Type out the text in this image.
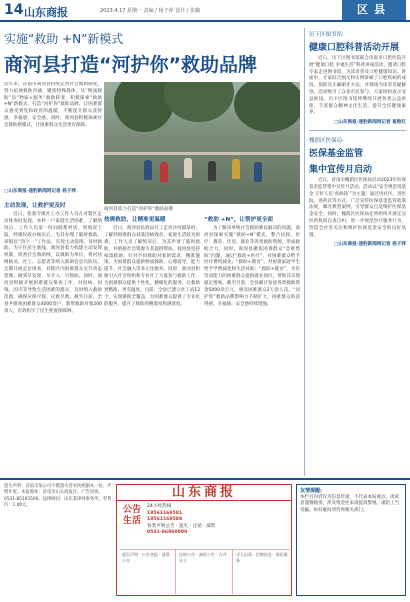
14 山东商报	2023.4.17 星期一 责编 / 杨子萍 设计 / 张璐	区县
实施“救助 +N”新模式
商河县打造“河护你”救助品牌
近年来，济南市商河县持续完善社会救助制度，努力拓展救助内涵，聚焦特殊群体，从“物质救助”向“物质+服务”救助转变，积极探索“救助+N”新模式，打造“河护你”救助品牌，让困难群众感受到党和政府的温暖，不断提升群众获得感、幸福感、安全感。同时，商河县积极探索社会救助新模式，让困难群众生活更有保障。
□山东商报·速豹新闻网记者 杨子萍
商河县第力打造“河护你”救助品牌
主动发现，让救护更及时

近日，张秦令镇社工办工作人员在对辖区走访排查时发现，本村一户家庭生活困难，了解情况后，工作人员第一时间联系村居，将情况上报，经镇民政办核实后，为其办理了临时救助。该镇以“四个一”工作法，实现主动发现、及时救助。为守住民生底线，商河县着力构建主动发现机制，织密社会救助网，以镇街为单位，将村居网格员、社工、志愿者等纳入救助信息员队伍，定期开展走访排查，对辖区内困难群众实行动态管理，做到早发现、早介入、早救助。同时，商河县积极开展困难群众排查工作，对因病、因残、因灾等导致生活困难的群众，及时纳入救助范围，确保应保尽保、应救尽救。截至目前，全县共排查困难群众4000余户，新增救助对象200余人，有效织牢了民生兜底保障网。

按需救助，让精准更温暖

近日，商河县民政局社工走访沙河镇某村，了解到困难群众刘某因病致贫，家庭生活较为困难，工作人员了解情况后，为其申请了临时救助，并链接社会资源为其提供帮扶。商河县坚持按需救助，针对不同救助对象的需求，精准施策，为困难群众提供物质救助、心理疏导、能力提升、社会融入等多元化服务。同时，商河县积极引入社会组织和专业社工力量参与救助工作，为困难群众提供个性化、精细化的服务，让救助更精准、更有温度。目前，全县已建立社工站12个，实现镇街全覆盖，为困难群众提供了专业化的服务，提升了救助的精准度和满意度。

“救助 +N”，让帮护更全面

为了解决单纯社会救助难以解决的问题，商河县探索实施“救助+N”模式，整合民政、医疗、教育、住房、就业等各类救助资源，形成救助合力。同时，商河县聚焦困难群众“急难愁盼”问题，通过“救助+医疗”，对困难群众给予医疗费用减免；“救助+教育”，对困难家庭学生给予学费减免和生活补助；“救助+就业”，为有劳动能力的困难群众提供就业岗位，帮助其实现稳定增收。截至目前，全县累计发放各类救助资金5000余万元，惠及困难群众2万余人次，“河护你”救助品牌影响力不断扩大，困难群众的获得感、幸福感、安全感持续增强。

历下区图书馆:
健康口腔科普活动开展
近日，历下区图书馆联合济南市口腔医院开展“健康口腔 幸福生活”科普讲座活动，邀请口腔专家走进图书馆，为读者普及口腔健康知识。讲座中，专家结合图文和实例讲解了口腔疾病的成因、预防及正确刷牙方法，并现场为读者答疑解惑。活动吸引了众多市民参与，大家纷纷表示受益匪浅。历下区图书馆将继续开展各类公益讲座，丰富群众精神文化生活，提升全民健康素养。
□山东商报·速豹新闻网记者 崔艳红
槐荫区医保局:
医保基金监管
集中宣传月启动
近日，济南市槐荫区医保局启动2023年医保基金监管集中宣传月活动。活动以“安全规范用基金 守好人民‘看病钱’”为主题，通过进社区、进医院、进药店等方式，广泛宣传医保基金监管政策法规，曝光典型案例，引导群众自觉维护医保基金安全。同时，槐荫区医保局还将组织开展定点医药机构自查自纠，进一步规范医疗服务行为，营造全社会关注和维护医保基金安全的良好氛围。
□山东商报·速豹新闻网记者 杨子萍
遗失声明：济南市某公司不慎遗失营业执照副本一份，声明作废。本报地址：济南市山东商报社。广告热线：0531-85193506。法律顾问：山东某律师事务所。零售价：1.00元。
山东商报
公告 生活
24小时热线
18561168581
18561168588
各类声明公告 · 遗失 · 注销 · 减资
0531-86960000
遗失声明 · 公告登报 · 清算公告
注销公告 · 减资公告 · 合并分立
寻人启事 · 招聘信息 · 便民服务
友情提醒:
本栏目内容仅为信息传递，不代表本报观点。请读者谨慎甄别，涉及资金往来请提高警惕，谨防上当受骗。如有疑问请咨询相关部门。
